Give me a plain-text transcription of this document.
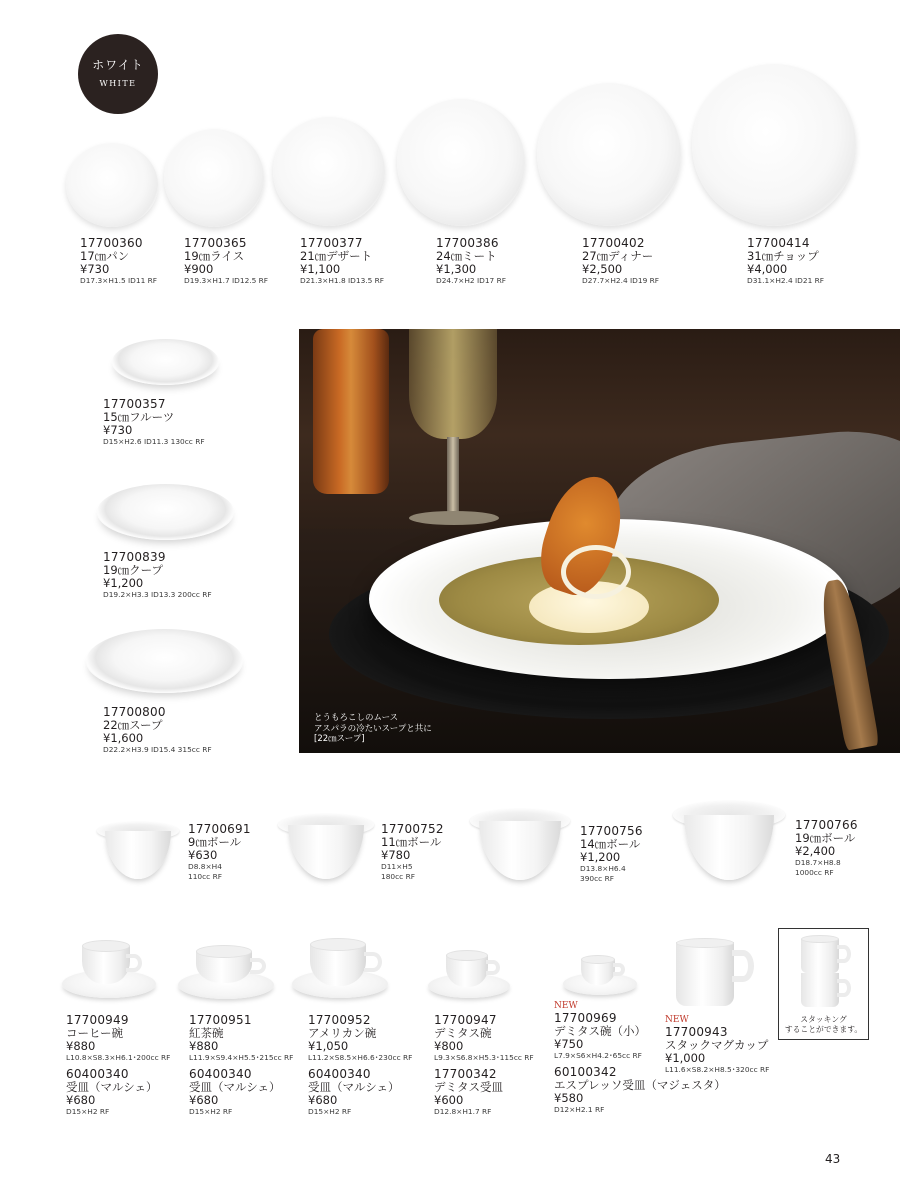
ホワイト
WHITE
17700360
17㎝パン
¥730
D17.3×H1.5 ID11 RF
17700365
19㎝ライス
¥900
D19.3×H1.7 ID12.5 RF
17700377
21㎝デザート
¥1,100
D21.3×H1.8 ID13.5 RF
17700386
24㎝ミート
¥1,300
D24.7×H2 ID17 RF
17700402
27㎝ディナー
¥2,500
D27.7×H2.4 ID19 RF
17700414
31㎝チョップ
¥4,000
D31.1×H2.4 ID21 RF
17700357
15㎝フルーツ
¥730
D15×H2.6 ID11.3 130cc RF
17700839
19㎝クープ
¥1,200
D19.2×H3.3 ID13.3 200cc RF
17700800
22㎝スープ
¥1,600
D22.2×H3.9 ID15.4 315cc RF
とうもろこしのムース
アスパラの冷たいスープと共に
[22㎝スープ]
17700691
9㎝ボール
¥630
D8.8×H4
110cc RF
17700752
11㎝ボール
¥780
D11×H5
180cc RF
17700756
14㎝ボール
¥1,200
D13.8×H6.4
390cc RF
17700766
19㎝ボール
¥2,400
D18.7×H8.8
1000cc RF
17700949
コーヒー碗
¥880
L10.8×S8.3×H6.1･200cc RF
60400340
受皿（マルシェ）
¥680
D15×H2 RF
17700951
紅茶碗
¥880
L11.9×S9.4×H5.5･215cc RF
60400340
受皿（マルシェ）
¥680
D15×H2 RF
17700952
アメリカン碗
¥1,050
L11.2×S8.5×H6.6･230cc RF
60400340
受皿（マルシェ）
¥680
D15×H2 RF
17700947
デミタス碗
¥800
L9.3×S6.8×H5.3･115cc RF
17700342
デミタス受皿
¥600
D12.8×H1.7 RF
NEW
17700969
デミタス碗（小）
¥750
L7.9×S6×H4.2･65cc RF
60100342
エスプレッソ受皿（マジェスタ）
¥580
D12×H2.1 RF
NEW
17700943
スタックマグカップ
¥1,000
L11.6×S8.2×H8.5･320cc RF
スタッキング
することができます。
43
